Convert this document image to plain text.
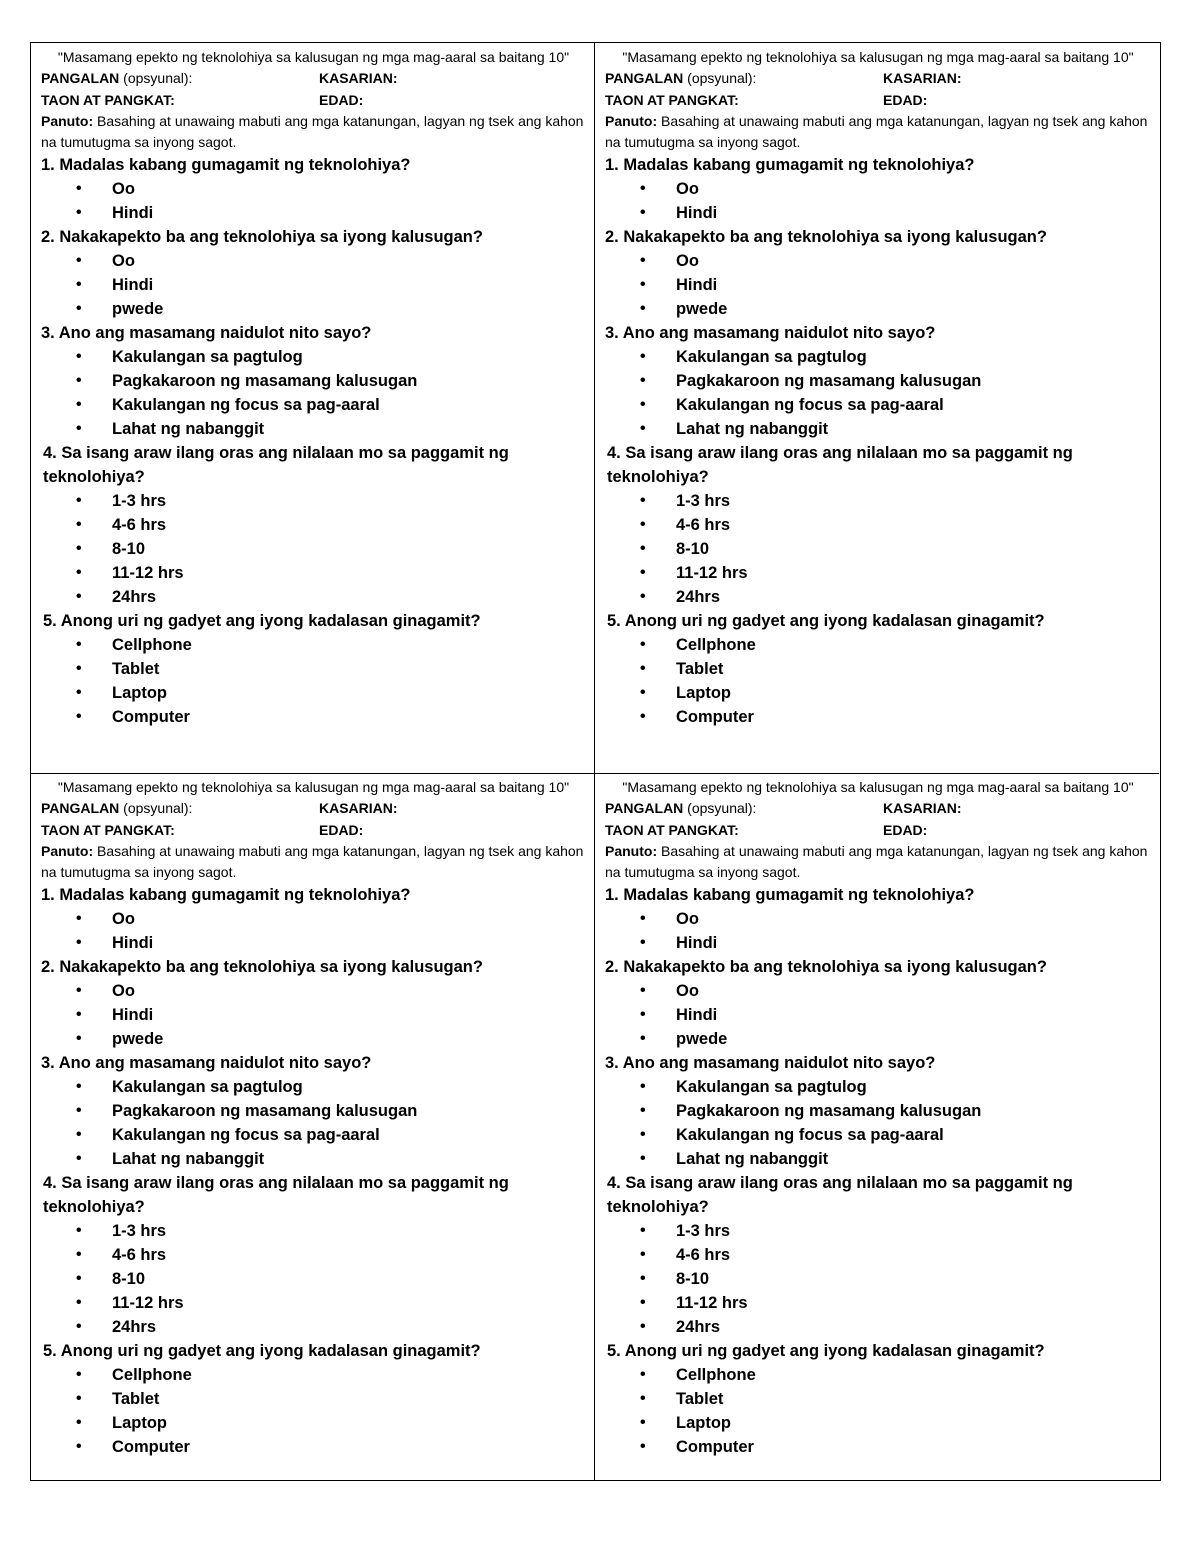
"Masamang epekto ng teknolohiya sa kalusugan ng mga mag-aaral sa baitang 10"

PANGALAN (opsyunal):	KASARIAN:
TAON AT PANGKAT:	EDAD:

Panuto: Basahing at unawaing mabuti ang mga katanungan, lagyan ng tsek ang kahon na tumutugma sa inyong sagot.

1. Madalas kabang gumagamit ng teknolohiya?

• Oo
• Hindi

2. Nakakapekto ba ang teknolohiya sa iyong kalusugan?

• Oo
• Hindi
• pwede

3. Ano ang masamang naidulot nito sayo?

• Kakulangan sa pagtulog
• Pagkakaroon ng masamang kalusugan
• Kakulangan ng focus sa pag-aaral
• Lahat ng nabanggit

4. Sa isang araw ilang oras ang nilalaan mo sa paggamit ng teknolohiya?

• 1-3 hrs
• 4-6 hrs
• 8-10
• 11-12 hrs
• 24hrs

5. Anong uri ng gadyet ang iyong kadalasan ginagamit?

• Cellphone
• Tablet
• Laptop
• Computer

"Masamang epekto ng teknolohiya sa kalusugan ng mga mag-aaral sa baitang 10"

PANGALAN (opsyunal):	KASARIAN:
TAON AT PANGKAT:	EDAD:

Panuto: Basahing at unawaing mabuti ang mga katanungan, lagyan ng tsek ang kahon na tumutugma sa inyong sagot.

1. Madalas kabang gumagamit ng teknolohiya?

• Oo
• Hindi

2. Nakakapekto ba ang teknolohiya sa iyong kalusugan?

• Oo
• Hindi
• pwede

3. Ano ang masamang naidulot nito sayo?

• Kakulangan sa pagtulog
• Pagkakaroon ng masamang kalusugan
• Kakulangan ng focus sa pag-aaral
• Lahat ng nabanggit

4. Sa isang araw ilang oras ang nilalaan mo sa paggamit ng teknolohiya?

• 1-3 hrs
• 4-6 hrs
• 8-10
• 11-12 hrs
• 24hrs

5. Anong uri ng gadyet ang iyong kadalasan ginagamit?

• Cellphone
• Tablet
• Laptop
• Computer

"Masamang epekto ng teknolohiya sa kalusugan ng mga mag-aaral sa baitang 10"

PANGALAN (opsyunal):	KASARIAN:
TAON AT PANGKAT:	EDAD:

Panuto: Basahing at unawaing mabuti ang mga katanungan, lagyan ng tsek ang kahon na tumutugma sa inyong sagot.

1. Madalas kabang gumagamit ng teknolohiya?

• Oo
• Hindi

2. Nakakapekto ba ang teknolohiya sa iyong kalusugan?

• Oo
• Hindi
• pwede

3. Ano ang masamang naidulot nito sayo?

• Kakulangan sa pagtulog
• Pagkakaroon ng masamang kalusugan
• Kakulangan ng focus sa pag-aaral
• Lahat ng nabanggit

4. Sa isang araw ilang oras ang nilalaan mo sa paggamit ng teknolohiya?

• 1-3 hrs
• 4-6 hrs
• 8-10
• 11-12 hrs
• 24hrs

5. Anong uri ng gadyet ang iyong kadalasan ginagamit?

• Cellphone
• Tablet
• Laptop
• Computer

"Masamang epekto ng teknolohiya sa kalusugan ng mga mag-aaral sa baitang 10"

PANGALAN (opsyunal):	KASARIAN:
TAON AT PANGKAT:	EDAD:

Panuto: Basahing at unawaing mabuti ang mga katanungan, lagyan ng tsek ang kahon na tumutugma sa inyong sagot.

1. Madalas kabang gumagamit ng teknolohiya?

• Oo
• Hindi

2. Nakakapekto ba ang teknolohiya sa iyong kalusugan?

• Oo
• Hindi
• pwede

3. Ano ang masamang naidulot nito sayo?

• Kakulangan sa pagtulog
• Pagkakaroon ng masamang kalusugan
• Kakulangan ng focus sa pag-aaral
• Lahat ng nabanggit

4. Sa isang araw ilang oras ang nilalaan mo sa paggamit ng teknolohiya?

• 1-3 hrs
• 4-6 hrs
• 8-10
• 11-12 hrs
• 24hrs

5. Anong uri ng gadyet ang iyong kadalasan ginagamit?

• Cellphone
• Tablet
• Laptop
• Computer
